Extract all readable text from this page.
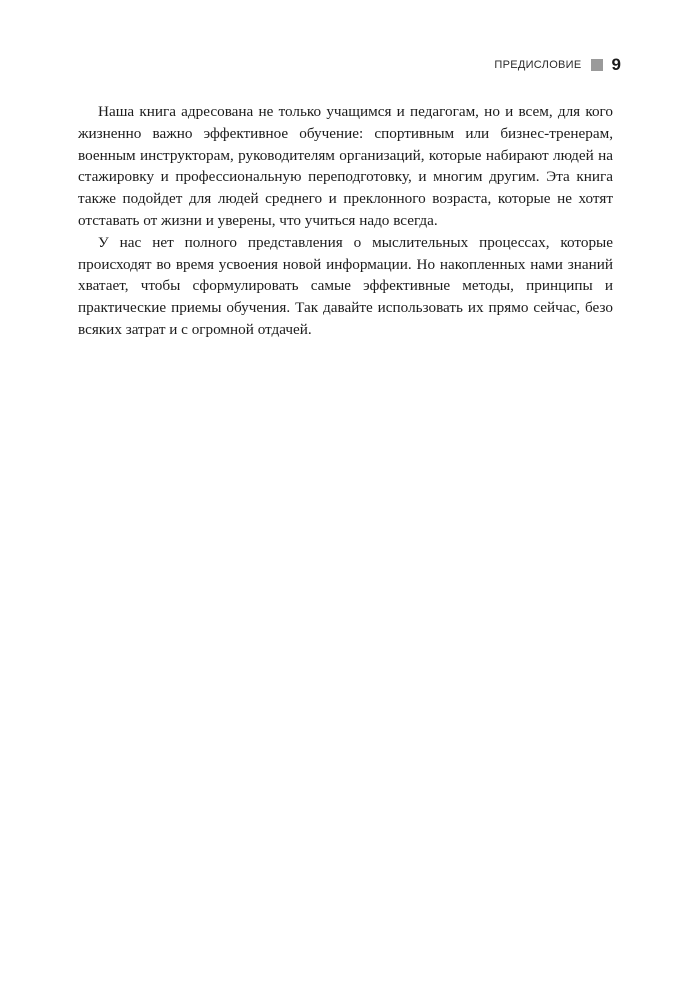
ПРЕДИСЛОВИЕ 9

Наша книга адресована не только учащимся и педагогам, но и всем, для кого жизненно важно эффективное обучение: спортивным или бизнес-тренерам, военным инструкторам, руководителям организаций, которые набирают людей на стажировку и профессиональную переподготовку, и многим другим. Эта книга также подойдет для людей среднего и преклонного возраста, которые не хотят отставать от жизни и уверены, что учиться надо всегда.

У нас нет полного представления о мыслительных процессах, которые происходят во время усвоения новой информации. Но накопленных нами знаний хватает, чтобы сформулировать самые эффективные методы, принципы и практические приемы обучения. Так давайте использовать их прямо сейчас, безо всяких затрат и с огромной отдачей.
